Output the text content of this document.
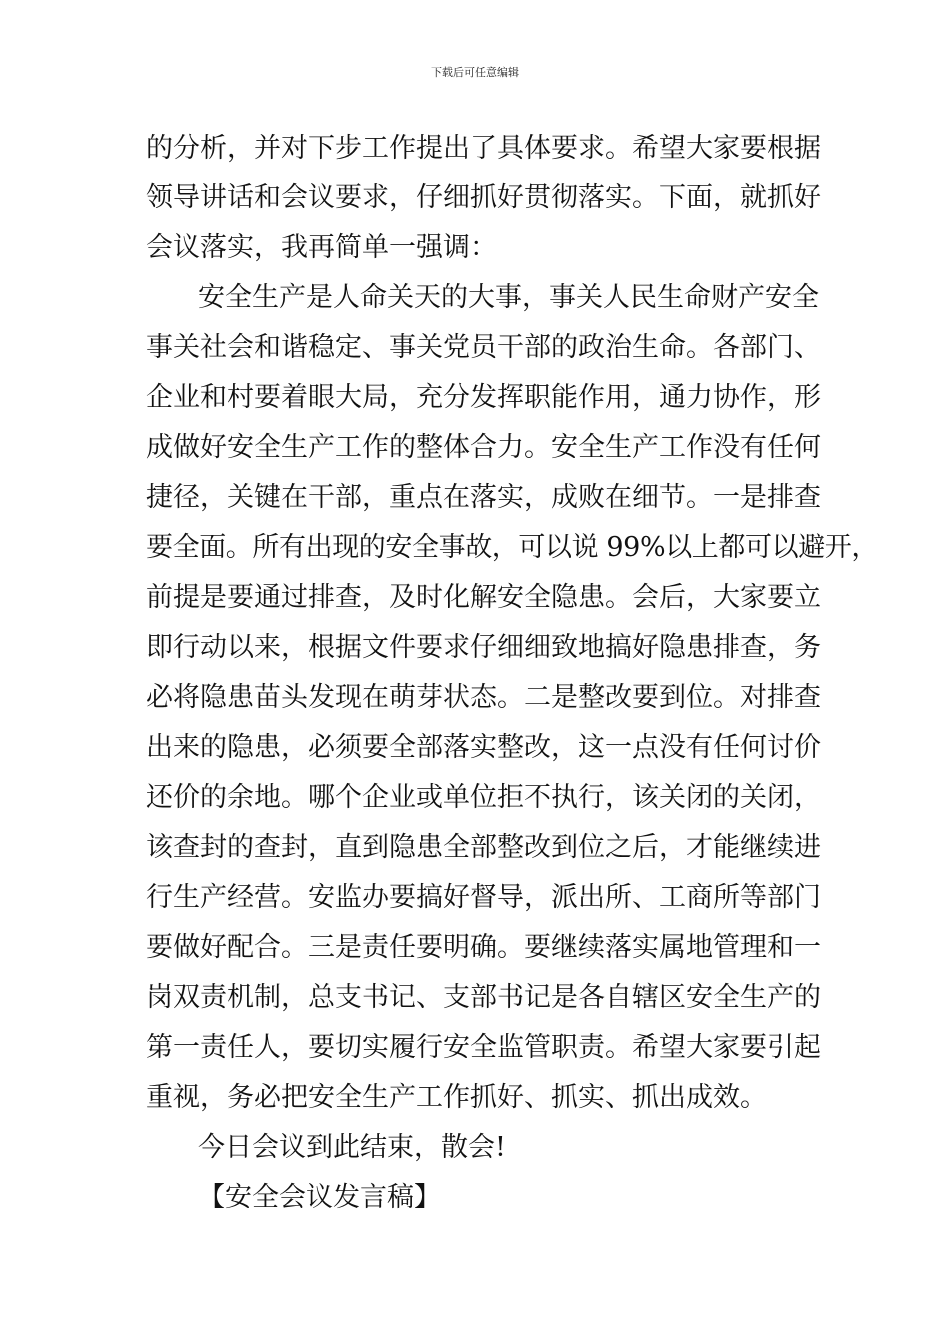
下载后可任意编辑
的分析，并对下步工作提出了具体要求。希望大家要根据
领导讲话和会议要求，仔细抓好贯彻落实。下面，就抓好
会议落实，我再简单一强调：
安全生产是人命关天的大事，事关人民生命财产安全
事关社会和谐稳定、事关党员干部的政治生命。各部门、
企业和村要着眼大局，充分发挥职能作用，通力协作，形
成做好安全生产工作的整体合力。安全生产工作没有任何
捷径，关键在干部，重点在落实，成败在细节。一是排查
要全面。所有出现的安全事故，可以说 99%以上都可以避开，
前提是要通过排查，及时化解安全隐患。会后，大家要立
即行动以来，根据文件要求仔细细致地搞好隐患排查，务
必将隐患苗头发现在萌芽状态。二是整改要到位。对排查
出来的隐患，必须要全部落实整改，这一点没有任何讨价
还价的余地。哪个企业或单位拒不执行，该关闭的关闭，
该查封的查封，直到隐患全部整改到位之后，才能继续进
行生产经营。安监办要搞好督导，派出所、工商所等部门
要做好配合。三是责任要明确。要继续落实属地管理和一
岗双责机制，总支书记、支部书记是各自辖区安全生产的
第一责任人，要切实履行安全监管职责。希望大家要引起
重视，务必把安全生产工作抓好、抓实、抓出成效。
今日会议到此结束，散会!
【安全会议发言稿】
